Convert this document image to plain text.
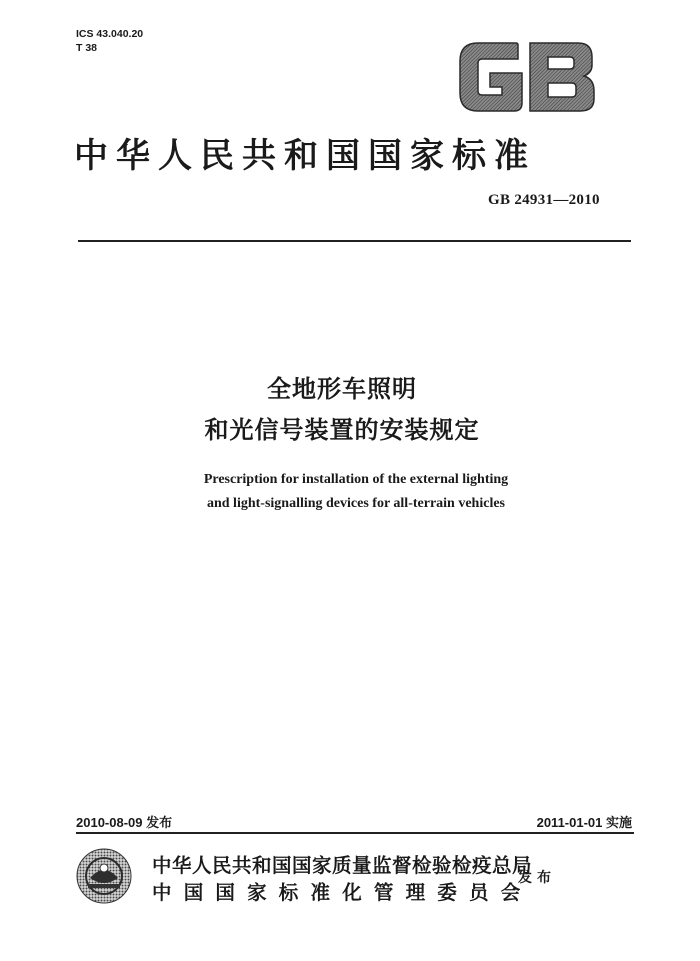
ICS 43.040.20
T 38
GB
中华人民共和国国家标准
GB 24931—2010
全地形车照明
和光信号装置的安装规定
Prescription for installation of the external lighting
and light-signalling devices for all-terrain vehicles
2010-08-09 发布	2011-01-01 实施
中华人民共和国国家质量监督检验检疫总局
中国国家标准化管理委员会
发布
